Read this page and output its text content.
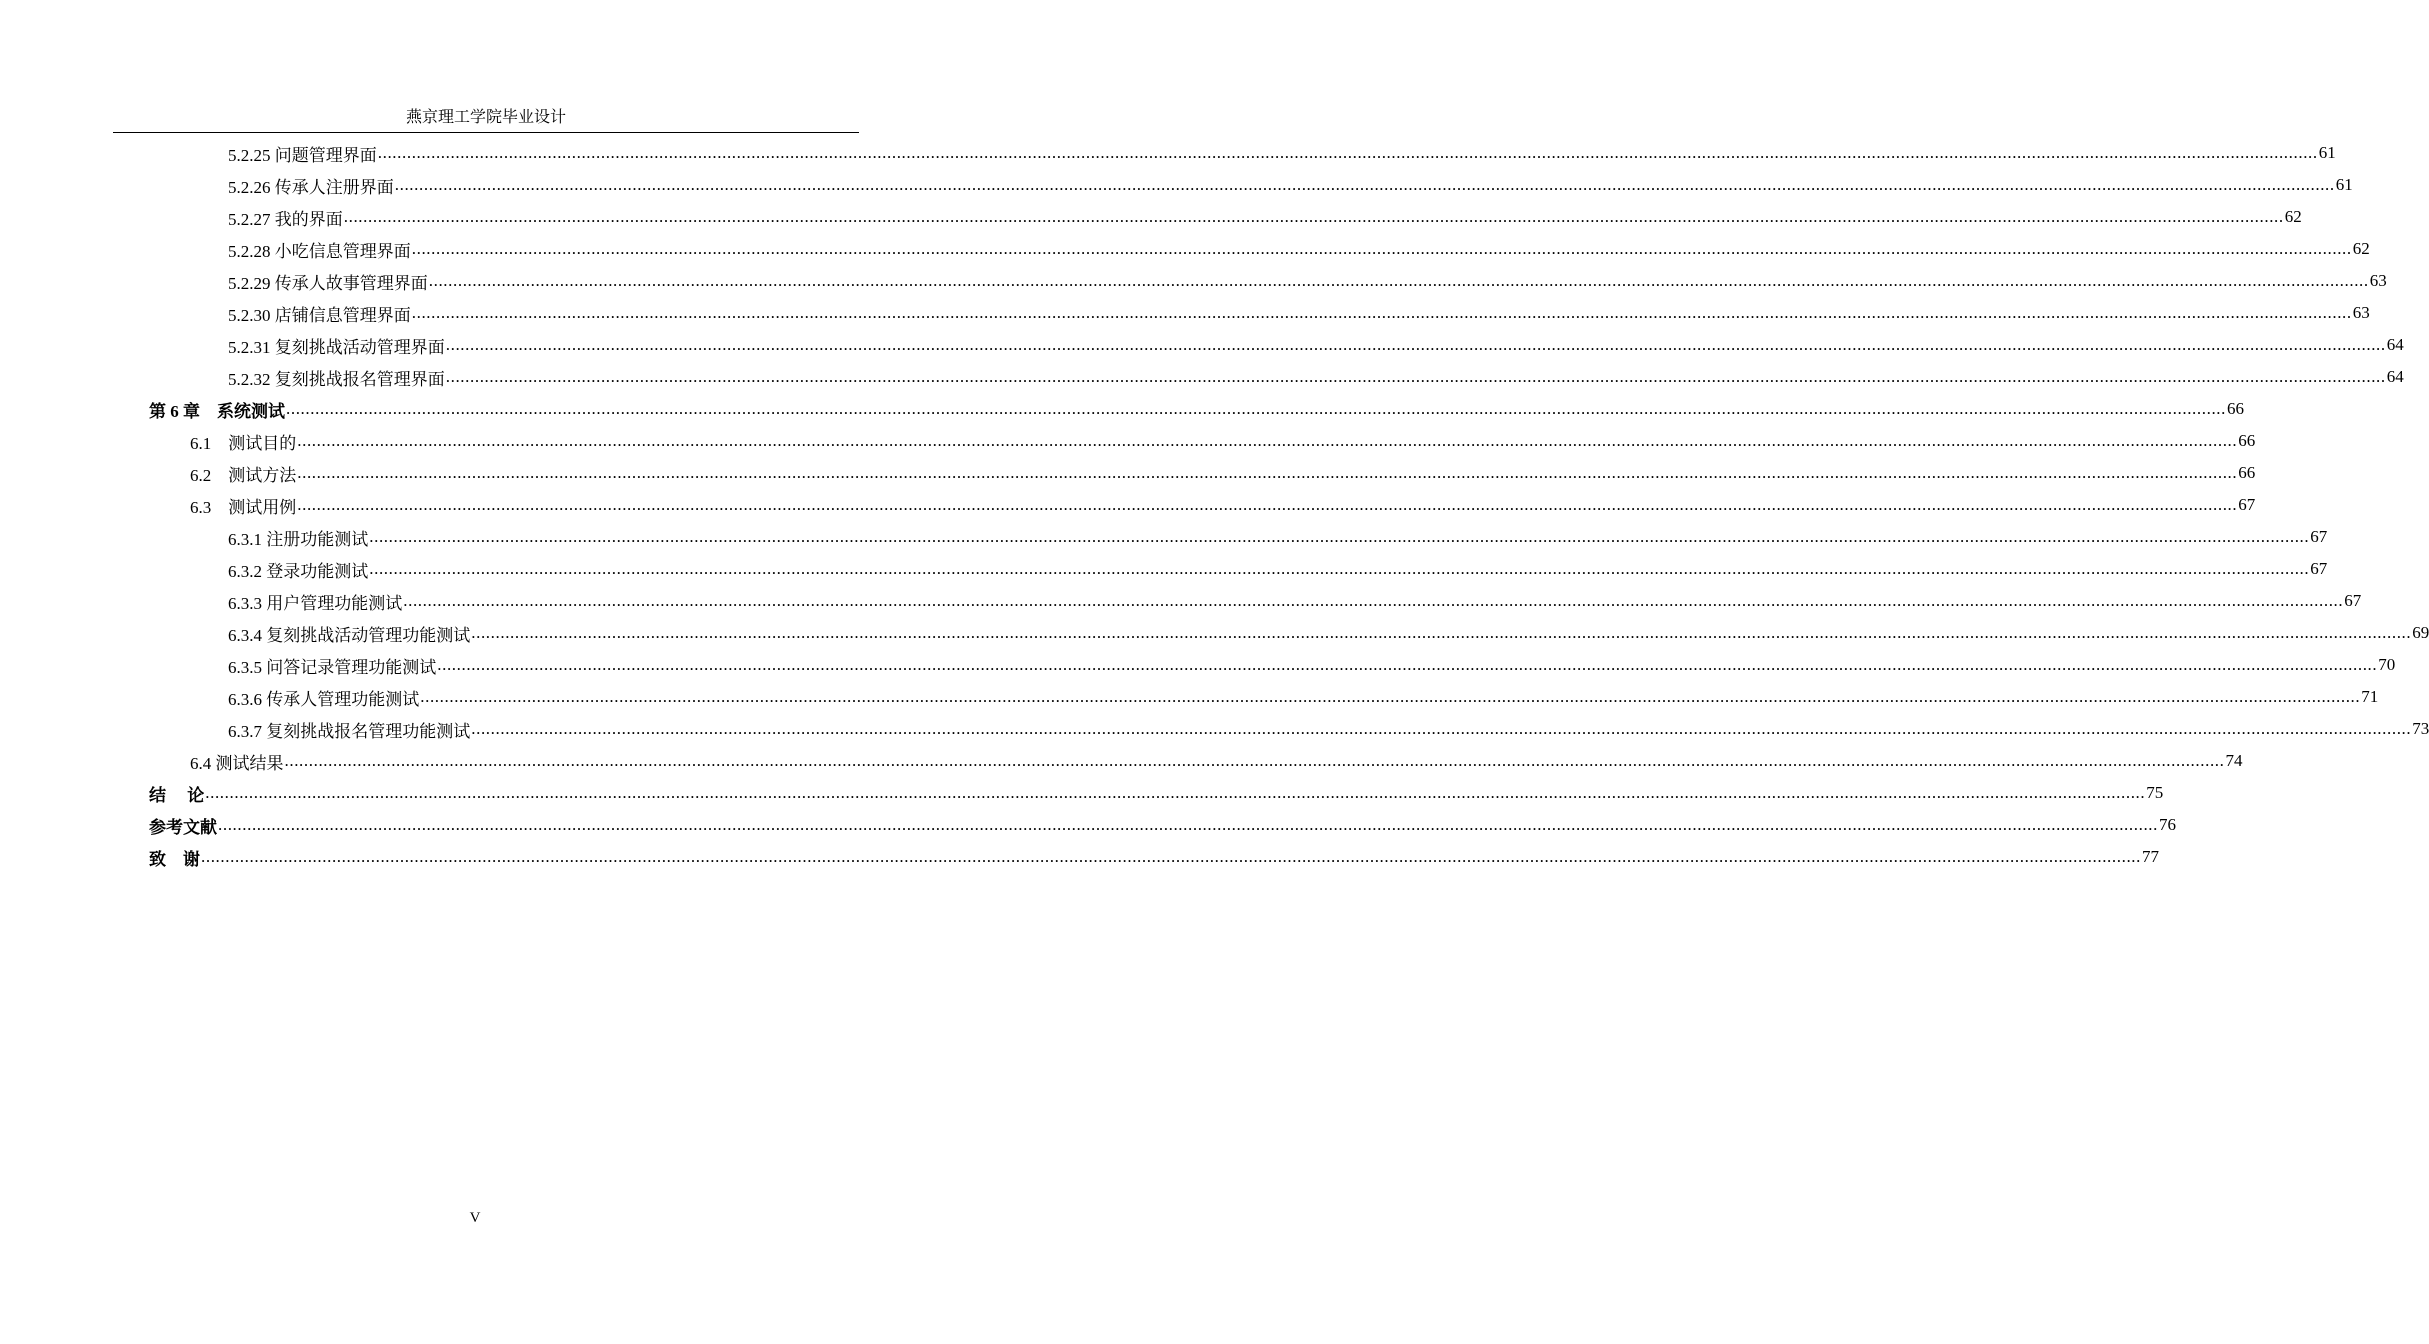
燕京理工学院毕业设计
5.2.25 问题管理界面 ................................................................................................................................................................................................................................................................................................................................................................................................................ 61
5.2.26 传承人注册界面 ................................................................................................................................................................................................................................................................................................................................................................................................................ 61
5.2.27 我的界面 ................................................................................................................................................................................................................................................................................................................................................................................................................ 62
5.2.28 小吃信息管理界面 ................................................................................................................................................................................................................................................................................................................................................................................................................ 62
5.2.29 传承人故事管理界面 ................................................................................................................................................................................................................................................................................................................................................................................................................ 63
5.2.30 店铺信息管理界面 ................................................................................................................................................................................................................................................................................................................................................................................................................ 63
5.2.31 复刻挑战活动管理界面 ................................................................................................................................................................................................................................................................................................................................................................................................................ 64
5.2.32 复刻挑战报名管理界面 ................................................................................................................................................................................................................................................................................................................................................................................................................ 64
第 6 章　系统测试 ................................................................................................................................................................................................................................................................................................................................................................................................................ 66
6.1　测试目的 ................................................................................................................................................................................................................................................................................................................................................................................................................ 66
6.2　测试方法 ................................................................................................................................................................................................................................................................................................................................................................................................................ 66
6.3　测试用例 ................................................................................................................................................................................................................................................................................................................................................................................................................ 67
6.3.1 注册功能测试 ................................................................................................................................................................................................................................................................................................................................................................................................................ 67
6.3.2 登录功能测试 ................................................................................................................................................................................................................................................................................................................................................................................................................ 67
6.3.3 用户管理功能测试 ................................................................................................................................................................................................................................................................................................................................................................................................................ 67
6.3.4 复刻挑战活动管理功能测试 ................................................................................................................................................................................................................................................................................................................................................................................................................ 69
6.3.5 问答记录管理功能测试 ................................................................................................................................................................................................................................................................................................................................................................................................................ 70
6.3.6 传承人管理功能测试 ................................................................................................................................................................................................................................................................................................................................................................................................................ 71
6.3.7 复刻挑战报名管理功能测试 ................................................................................................................................................................................................................................................................................................................................................................................................................ 73
6.4 测试结果 ................................................................................................................................................................................................................................................................................................................................................................................................................ 74
结　 论 ................................................................................................................................................................................................................................................................................................................................................................................................................ 75
参考文献 ................................................................................................................................................................................................................................................................................................................................................................................................................ 76
致　谢 ................................................................................................................................................................................................................................................................................................................................................................................................................ 77
V
